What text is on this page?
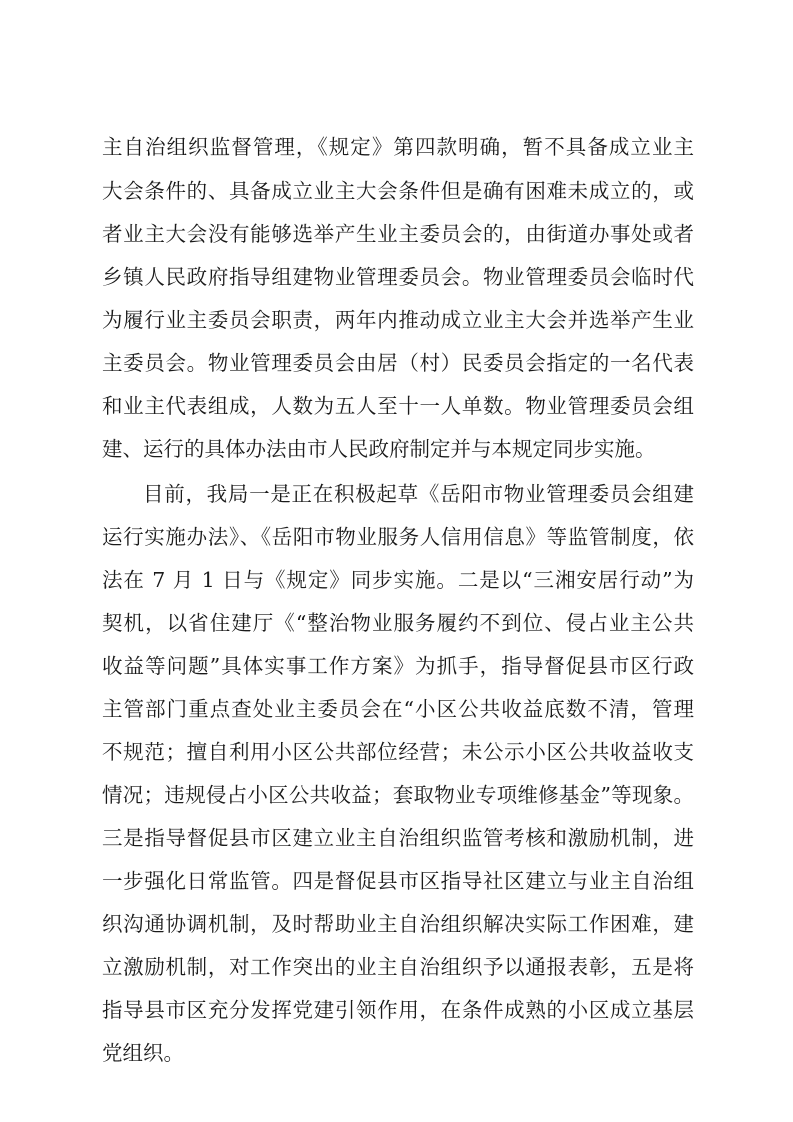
主自治组织监督管理，《规定》第四款明确，暂不具备成立业主
大会条件的、具备成立业主大会条件但是确有困难未成立的，或
者业主大会没有能够选举产生业主委员会的，由街道办事处或者
乡镇人民政府指导组建物业管理委员会。物业管理委员会临时代
为履行业主委员会职责，两年内推动成立业主大会并选举产生业
主委员会。物业管理委员会由居（村）民委员会指定的一名代表
和业主代表组成，人数为五人至十一人单数。物业管理委员会组
建、运行的具体办法由市人民政府制定并与本规定同步实施。
目前，我局一是正在积极起草《岳阳市物业管理委员会组建
运行实施办法》、《岳阳市物业服务人信用信息》等监管制度，依
法在 7 月 1 日与《规定》同步实施。二是以“三湘安居行动”为
契机，以省住建厅《“整治物业服务履约不到位、侵占业主公共
收益等问题”具体实事工作方案》为抓手，指导督促县市区行政
主管部门重点查处业主委员会在“小区公共收益底数不清，管理
不规范；擅自利用小区公共部位经营；未公示小区公共收益收支
情况；违规侵占小区公共收益；套取物业专项维修基金”等现象。
三是指导督促县市区建立业主自治组织监管考核和激励机制，进
一步强化日常监管。四是督促县市区指导社区建立与业主自治组
织沟通协调机制，及时帮助业主自治组织解决实际工作困难，建
立激励机制，对工作突出的业主自治组织予以通报表彰，五是将
指导县市区充分发挥党建引领作用，在条件成熟的小区成立基层
党组织。
